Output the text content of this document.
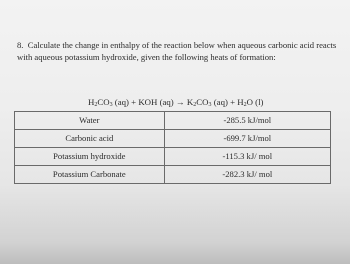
8. Calculate the change in enthalpy of the reaction below when aqueous carbonic acid reacts with aqueous potassium hydroxide, given the following heats of formation:

$H_2CO_3$ (aq) + KOH $(aq) \to K_2CO_3$ $(aq) + H_2O$ (l)

Water	-285.5 kJ/mol
Carbonic acid	-699.7 kJ/mol
Potassium hydroxide	-115.3 kJ/ mol
Potassium Carbonate	-282.3 kJ/ mol
